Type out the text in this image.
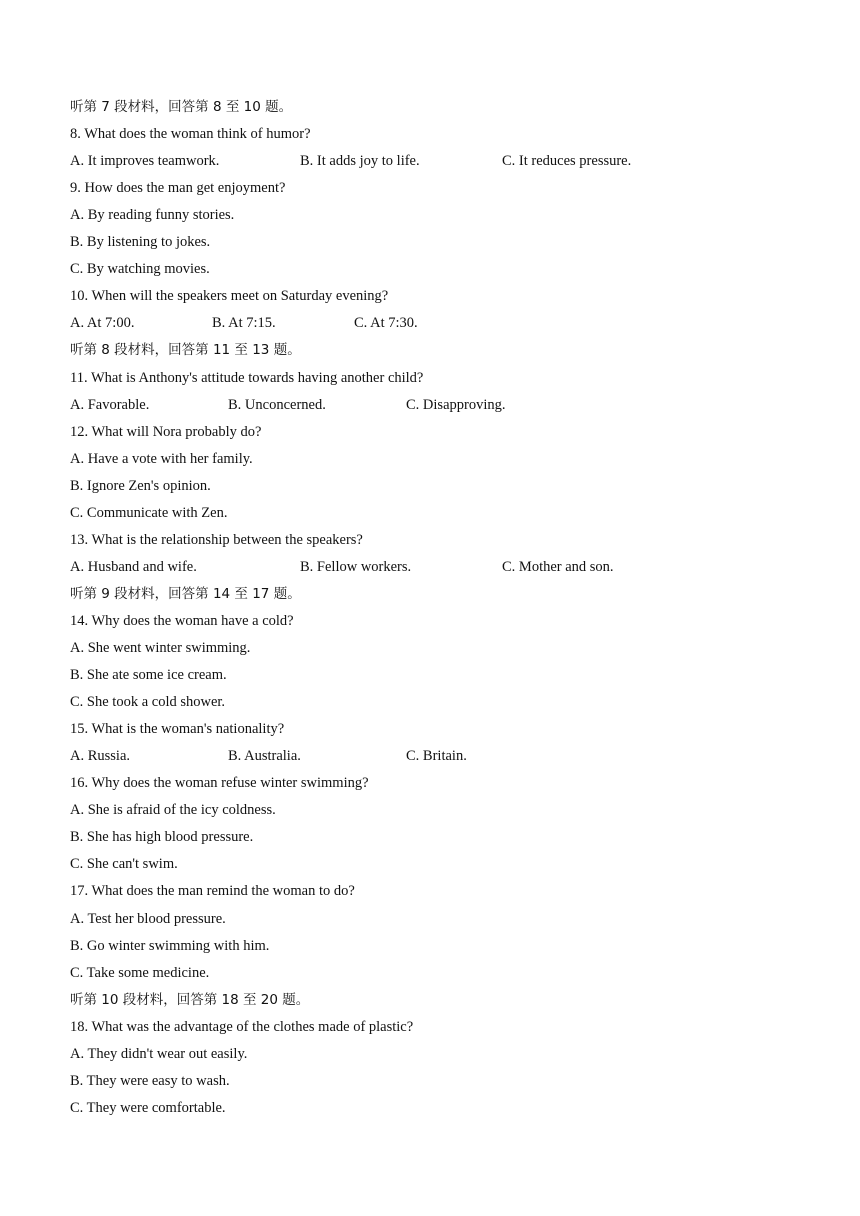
听第 7 段材料，回答第 8 至 10 题。
8. What does the woman think of humor?
A. It improves teamwork.	B. It adds joy to life.	C. It reduces pressure.
9. How does the man get enjoyment?
A. By reading funny stories.
B. By listening to jokes.
C. By watching movies.
10. When will the speakers meet on Saturday evening?
A. At 7:00.	B. At 7:15.	C. At 7:30.
听第 8 段材料，回答第 11 至 13 题。
11. What is Anthony's attitude towards having another child?
A. Favorable.	B. Unconcerned.	C. Disapproving.
12. What will Nora probably do?
A. Have a vote with her family.
B. Ignore Zen's opinion.
C. Communicate with Zen.
13. What is the relationship between the speakers?
A. Husband and wife.	B. Fellow workers.	C. Mother and son.
听第 9 段材料，回答第 14 至 17 题。
14. Why does the woman have a cold?
A. She went winter swimming.
B. She ate some ice cream.
C. She took a cold shower.
15. What is the woman's nationality?
A. Russia.	B. Australia.	C. Britain.
16. Why does the woman refuse winter swimming?
A. She is afraid of the icy coldness.
B. She has high blood pressure.
C. She can't swim.
17. What does the man remind the woman to do?
A. Test her blood pressure.
B. Go winter swimming with him.
C. Take some medicine.
听第 10 段材料，回答第 18 至 20 题。
18. What was the advantage of the clothes made of plastic?
A. They didn't wear out easily.
B. They were easy to wash.
C. They were comfortable.
